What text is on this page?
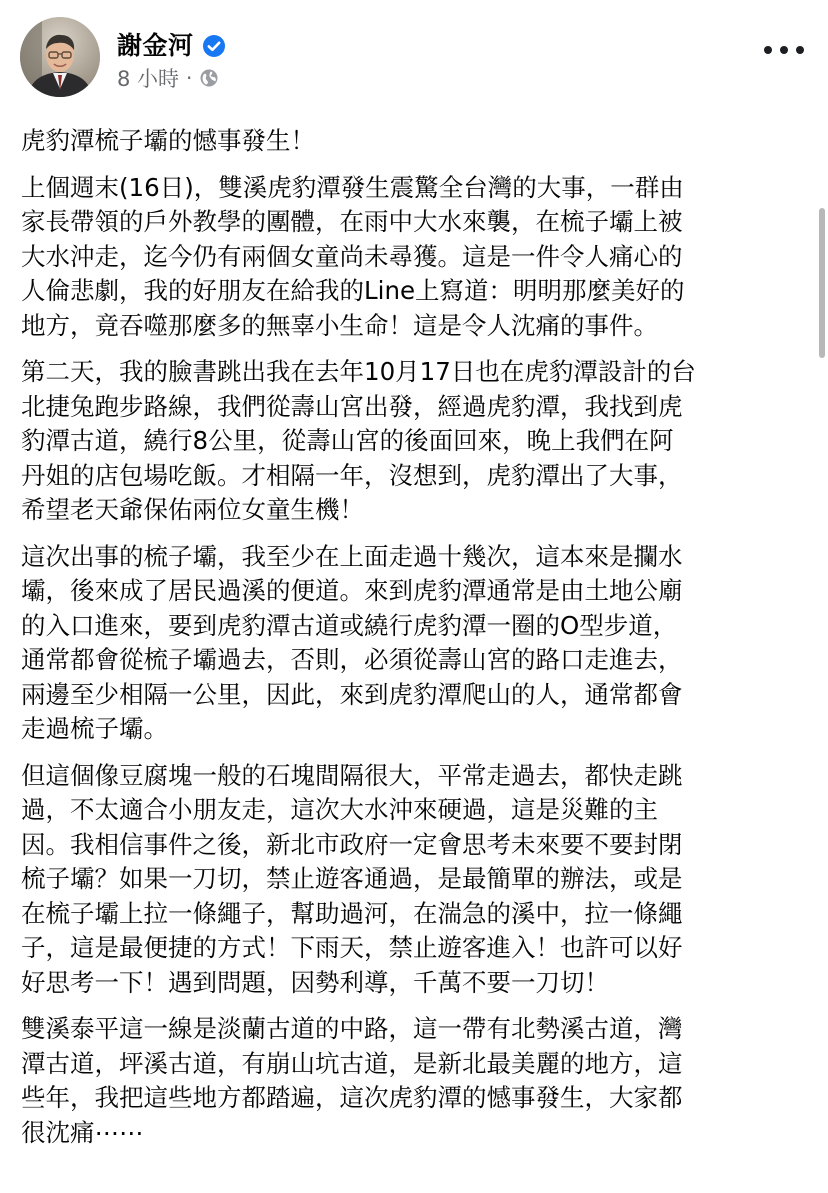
謝金河
8 小時 ·
虎豹潭梳子壩的憾事發生！
上個週末(16日)，雙溪虎豹潭發生震驚全台灣的大事，一群由
家長帶領的戶外教學的團體，在雨中大水來襲，在梳子壩上被
大水沖走，迄今仍有兩個女童尚未尋獲。這是一件令人痛心的
人倫悲劇，我的好朋友在給我的Line上寫道：明明那麼美好的
地方，竟吞噬那麼多的無辜小生命！這是令人沈痛的事件。
第二天，我的臉書跳出我在去年10月17日也在虎豹潭設計的台
北捷兔跑步路線，我們從壽山宮出發，經過虎豹潭，我找到虎
豹潭古道，繞行8公里，從壽山宮的後面回來，晚上我們在阿
丹姐的店包場吃飯。才相隔一年，沒想到，虎豹潭出了大事，
希望老天爺保佑兩位女童生機！
這次出事的梳子壩，我至少在上面走過十幾次，這本來是攔水
壩，後來成了居民過溪的便道。來到虎豹潭通常是由土地公廟
的入口進來，要到虎豹潭古道或繞行虎豹潭一圈的O型步道，
通常都會從梳子壩過去，否則，必須從壽山宮的路口走進去，
兩邊至少相隔一公里，因此，來到虎豹潭爬山的人，通常都會
走過梳子壩。
但這個像豆腐塊一般的石塊間隔很大，平常走過去，都快走跳
過，不太適合小朋友走，這次大水沖來硬過，這是災難的主
因。我相信事件之後，新北市政府一定會思考未來要不要封閉
梳子壩？如果一刀切，禁止遊客通過，是最簡單的辦法，或是
在梳子壩上拉一條繩子，幫助過河，在湍急的溪中，拉一條繩
子，這是最便捷的方式！下雨天，禁止遊客進入！也許可以好
好思考一下！遇到問題，因勢利導，千萬不要一刀切！
雙溪泰平這一線是淡蘭古道的中路，這一帶有北勢溪古道，灣
潭古道，坪溪古道，有崩山坑古道，是新北最美麗的地方，這
些年，我把這些地方都踏遍，這次虎豹潭的憾事發生，大家都
很沈痛⋯⋯
